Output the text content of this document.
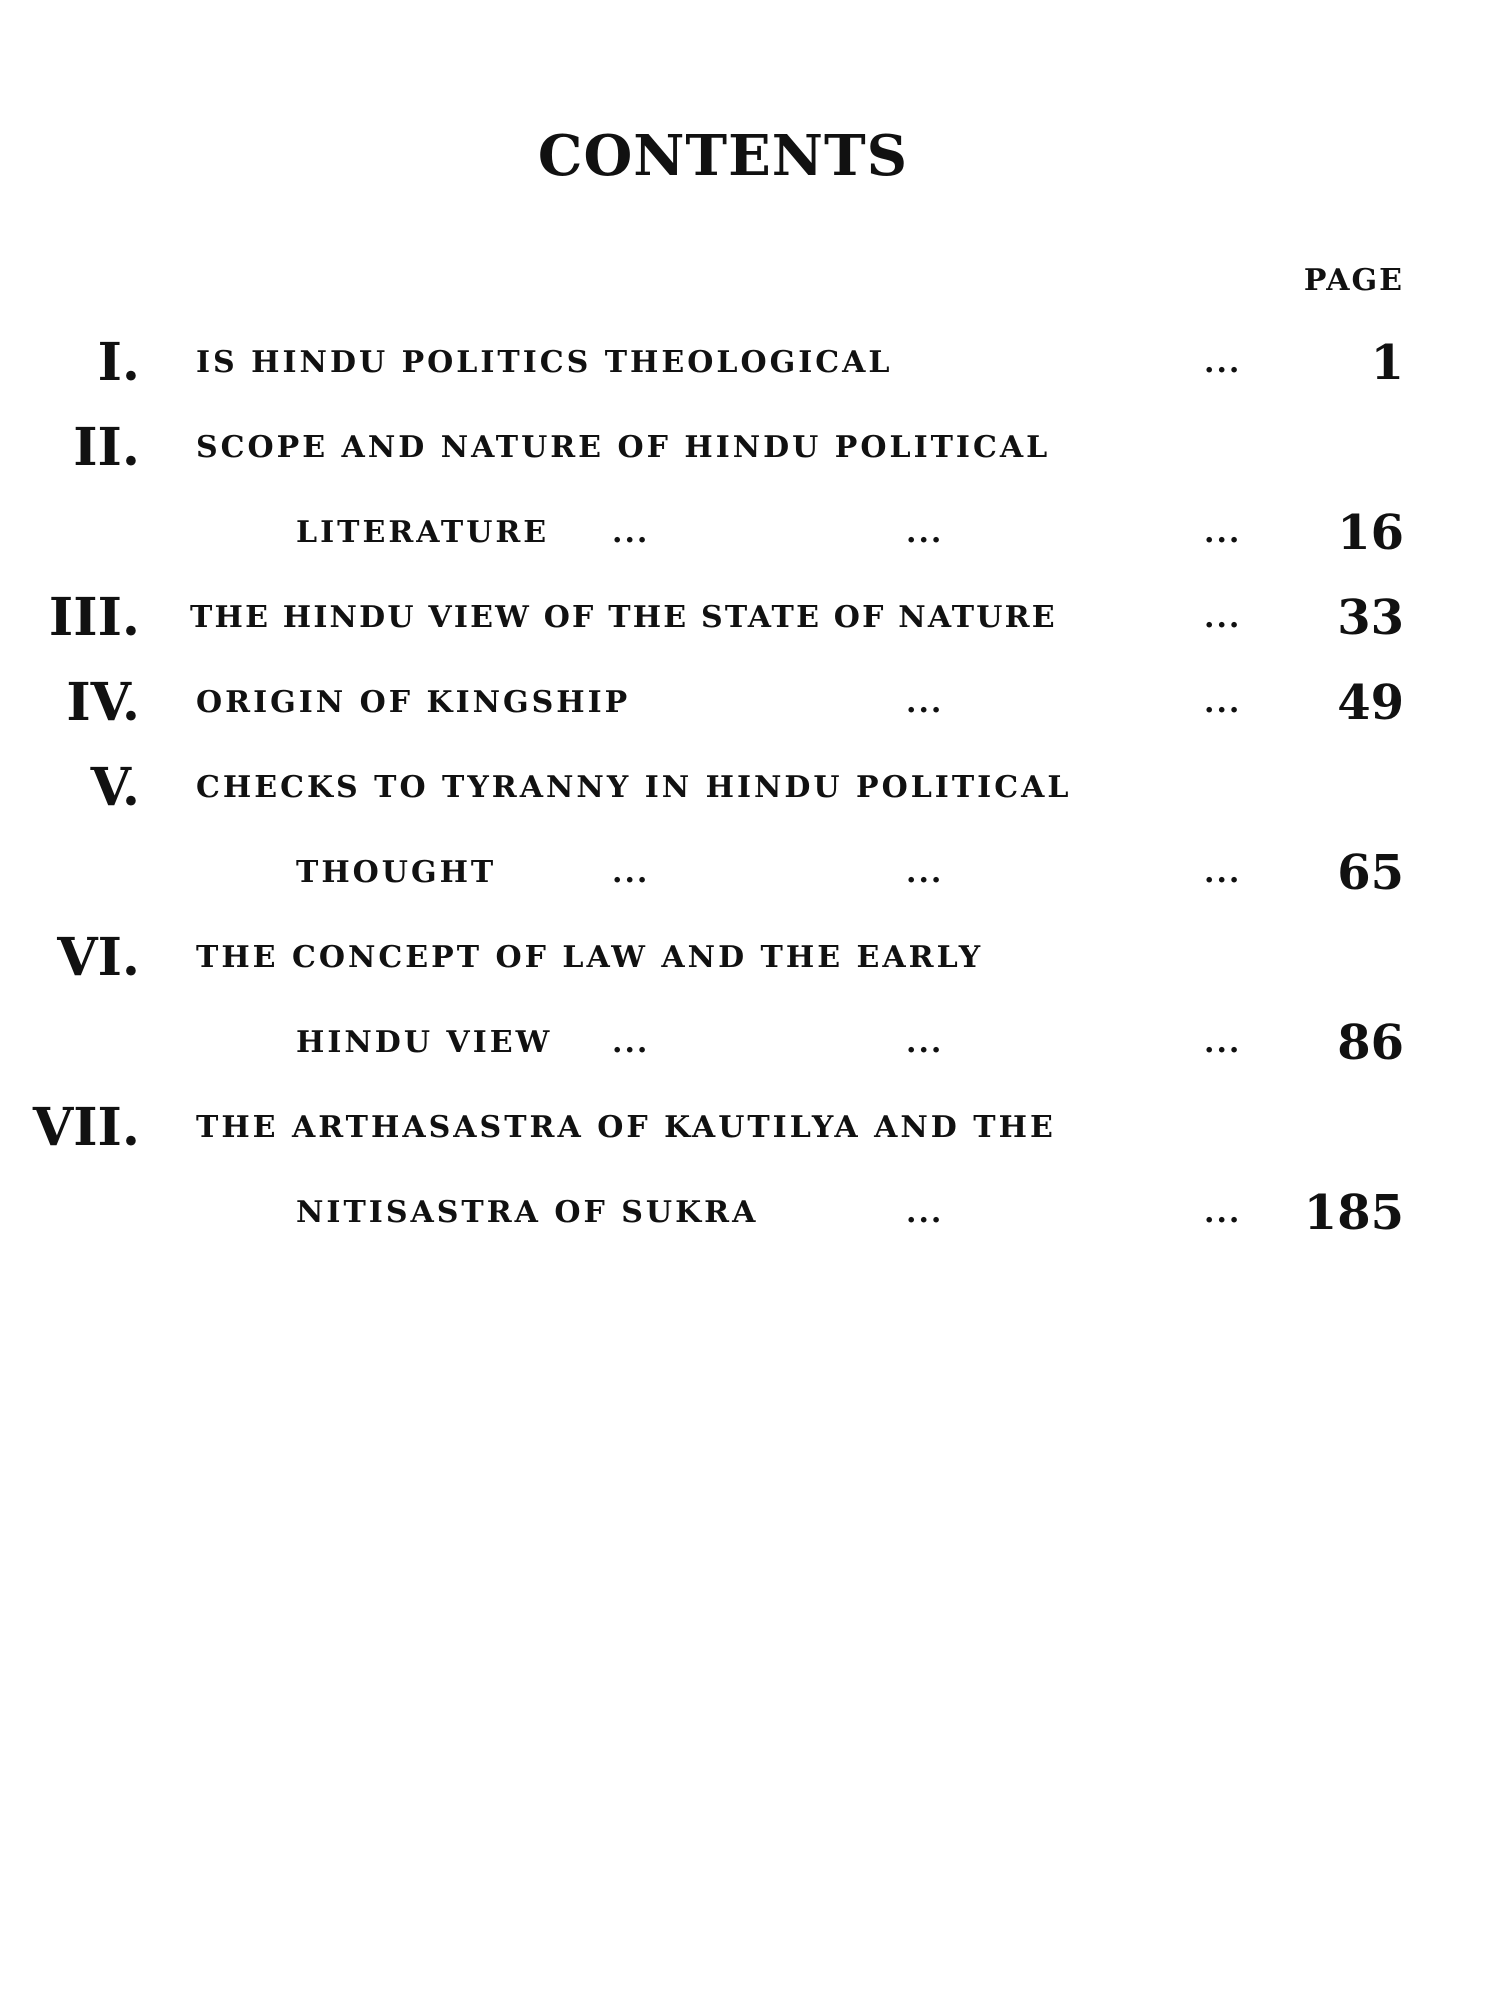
CONTENTS
PAGE
I. IS HINDU POLITICS THEOLOGICAL	...	1
II. SCOPE AND NATURE OF HINDU POLITICAL
LITERATURE ...	...	... 16
III. THE HINDU VIEW OF THE STATE OF NATURE	... 33
IV. ORIGIN OF KINGSHIP	...	... 49
V. CHECKS TO TYRANNY IN HINDU POLITICAL
THOUGHT	...	...	... 65
VI. THE CONCEPT OF LAW AND THE EARLY
HINDU VIEW ...	...	... 86
VII. THE ARTHASASTRA OF KAUTILYA AND THE
NITISASTRA OF SUKRA	...	... 185
